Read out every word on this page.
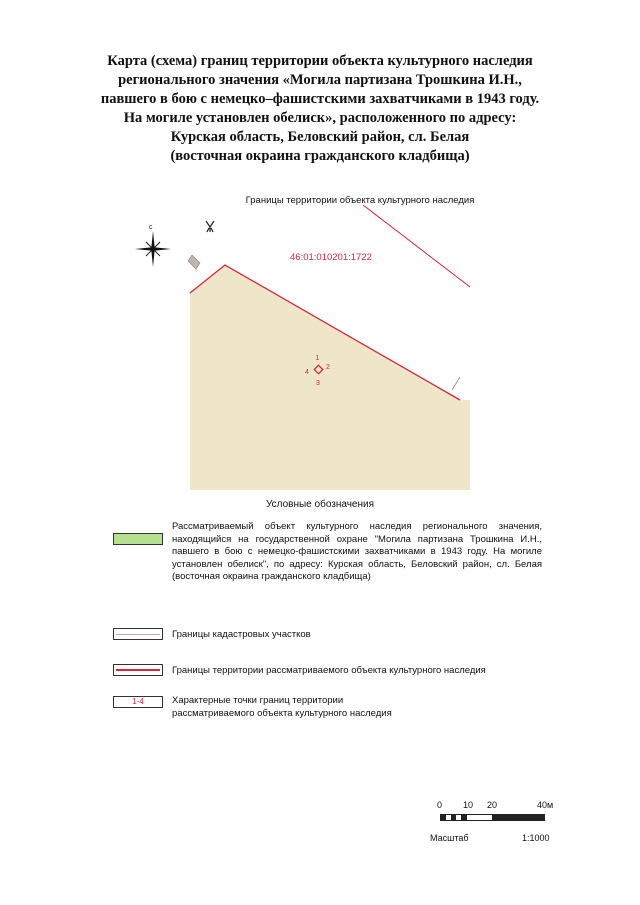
Карта (схема) границ территории объекта культурного наследия
регионального значения «Могила партизана Трошкина И.Н.,
павшего в бою с немецко–фашистскими захватчиками в 1943 году.
На могиле установлен обелиск», расположенного по адресу:
Курская область, Беловский район, сл. Белая
(восточная окраина гражданского кладбища)
Границы территории объекта культурного наследия
с
46:01:010201:1722
1
2
3
4
Условные обозначения
Рассматриваемый объект культурного наследия регионального значения, находящийся на государственной охране "Могила партизана Трошкина И.Н., павшего в бою с немецко-фашистскими захватчиками в 1943 году. На могиле установлен обелиск", по адресу: Курская область, Беловский район, сл. Белая (восточная окраина гражданского кладбища)
Границы кадастровых участков
Границы территории рассматриваемого объекта культурного наследия
1-4	Характерные точки границ территории
рассматриваемого объекта культурного наследия
0 10 20	40м
Масштаб	1:1000
